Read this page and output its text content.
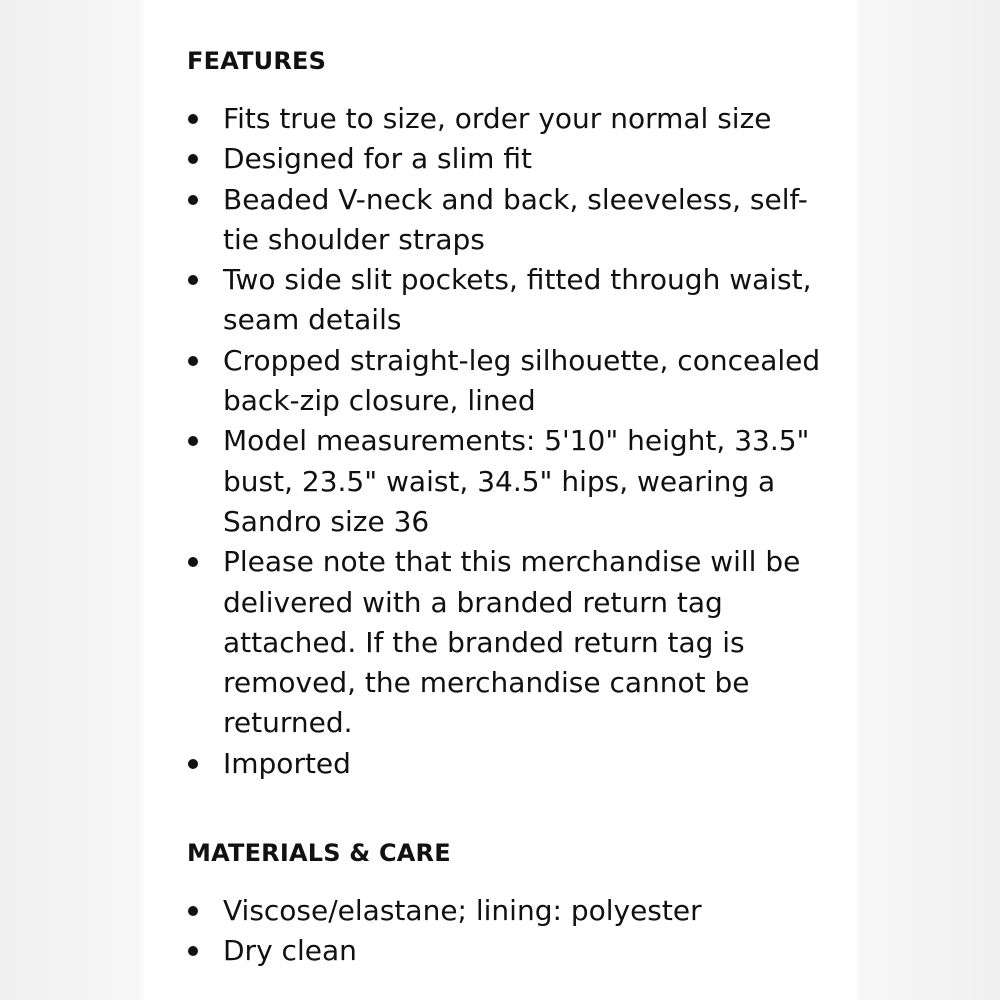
FEATURES
Fits true to size, order your normal size
Designed for a slim fit
Beaded V-neck and back, sleeveless, self-tie shoulder straps
Two side slit pockets, fitted through waist, seam details
Cropped straight-leg silhouette, concealed back-zip closure, lined
Model measurements: 5'10" height, 33.5" bust, 23.5" waist, 34.5" hips, wearing a Sandro size 36
Please note that this merchandise will be delivered with a branded return tag attached. If the branded return tag is removed, the merchandise cannot be returned.
Imported
MATERIALS & CARE
Viscose/elastane; lining: polyester
Dry clean
